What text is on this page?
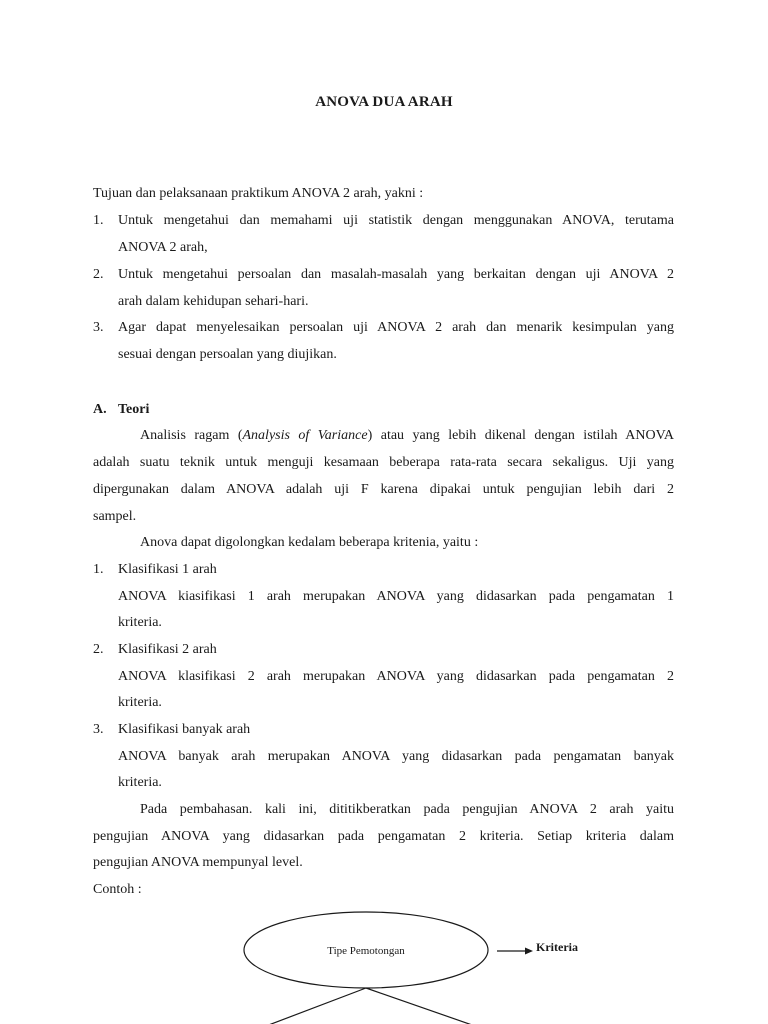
ANOVA DUA ARAH
Tujuan dan pelaksanaan praktikum ANOVA 2 arah, yakni :
1. Untuk mengetahui dan memahami uji statistik dengan menggunakan ANOVA, terutama
ANOVA 2 arah,
2. Untuk mengetahui persoalan dan masalah-masalah yang berkaitan dengan uji ANOVA 2
arah dalam kehidupan sehari-hari.
3. Agar dapat menyelesaikan persoalan uji ANOVA 2 arah dan menarik kesimpulan yang
sesuai dengan persoalan yang diujikan.
A. Teori
Analisis ragam (Analysis of Variance) atau yang lebih dikenal dengan istilah ANOVA
adalah suatu teknik untuk menguji kesamaan beberapa rata-rata secara sekaligus. Uji yang
dipergunakan dalam ANOVA adalah uji F karena dipakai untuk pengujian lebih dari 2
sampel.
Anova dapat digolongkan kedalam beberapa kritenia, yaitu :
1. Klasifikasi 1 arah
ANOVA kiasifikasi 1 arah merupakan ANOVA yang didasarkan pada pengamatan 1
kriteria.
2. Klasifikasi 2 arah
ANOVA klasifikasi 2 arah merupakan ANOVA yang didasarkan pada pengamatan 2
kriteria.
3. Klasifikasi banyak arah
ANOVA banyak arah merupakan ANOVA yang didasarkan pada pengamatan banyak
kriteria.
Pada pembahasan. kali ini, dititikberatkan pada pengujian ANOVA 2 arah yaitu
pengujian ANOVA yang didasarkan pada pengamatan 2 kriteria. Setiap kriteria dalam
pengujian ANOVA mempunyal level.
Contoh :
Tipe Pemotongan	Kriteria
